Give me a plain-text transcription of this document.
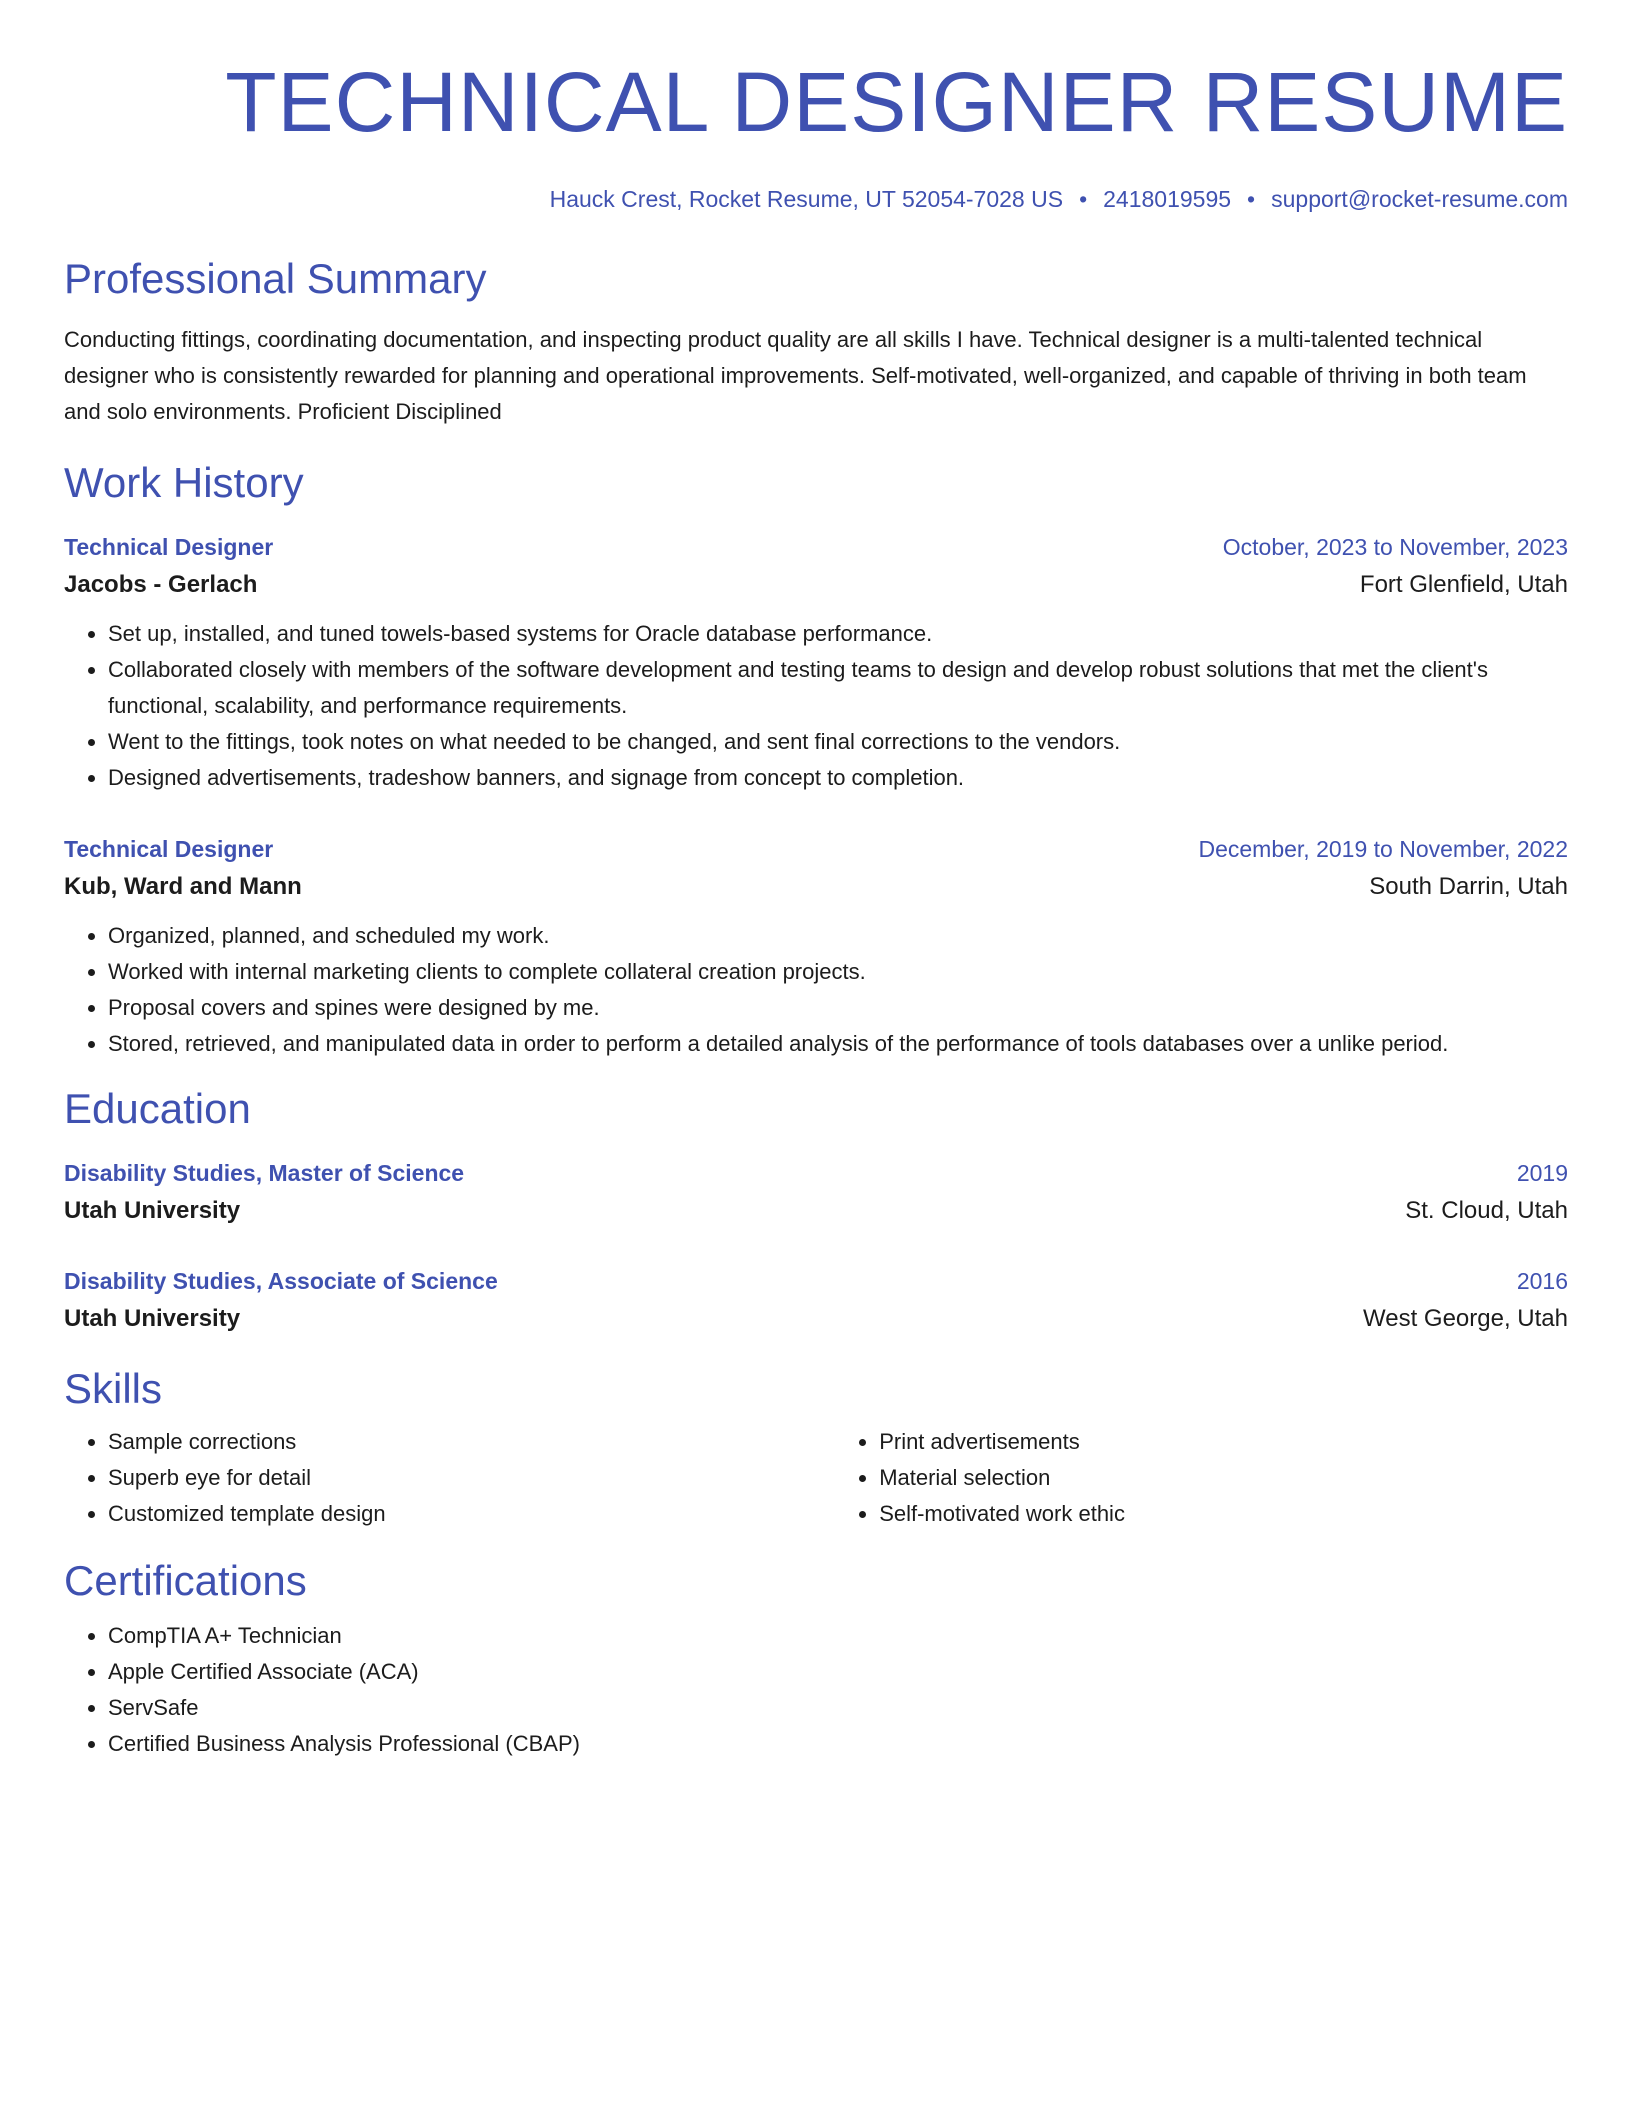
TECHNICAL DESIGNER RESUME
Hauck Crest, Rocket Resume, UT 52054-7028 US • 2418019595 • support@rocket-resume.com
Professional Summary
Conducting fittings, coordinating documentation, and inspecting product quality are all skills I have. Technical designer is a multi-talented technical designer who is consistently rewarded for planning and operational improvements. Self-motivated, well-organized, and capable of thriving in both team and solo environments. Proficient Disciplined
Work History
Technical Designer	October, 2023 to November, 2023
Jacobs - Gerlach	Fort Glenfield, Utah
• Set up, installed, and tuned towels-based systems for Oracle database performance.
• Collaborated closely with members of the software development and testing teams to design and develop robust solutions that met the client's functional, scalability, and performance requirements.
• Went to the fittings, took notes on what needed to be changed, and sent final corrections to the vendors.
• Designed advertisements, tradeshow banners, and signage from concept to completion.
Technical Designer	December, 2019 to November, 2022
Kub, Ward and Mann	South Darrin, Utah
• Organized, planned, and scheduled my work.
• Worked with internal marketing clients to complete collateral creation projects.
• Proposal covers and spines were designed by me.
• Stored, retrieved, and manipulated data in order to perform a detailed analysis of the performance of tools databases over a unlike period.
Education
Disability Studies, Master of Science	2019
Utah University	St. Cloud, Utah
Disability Studies, Associate of Science	2016
Utah University	West George, Utah
Skills
• Sample corrections
• Superb eye for detail
• Customized template design
• Print advertisements
• Material selection
• Self-motivated work ethic
Certifications
• CompTIA A+ Technician
• Apple Certified Associate (ACA)
• ServSafe
• Certified Business Analysis Professional (CBAP)
